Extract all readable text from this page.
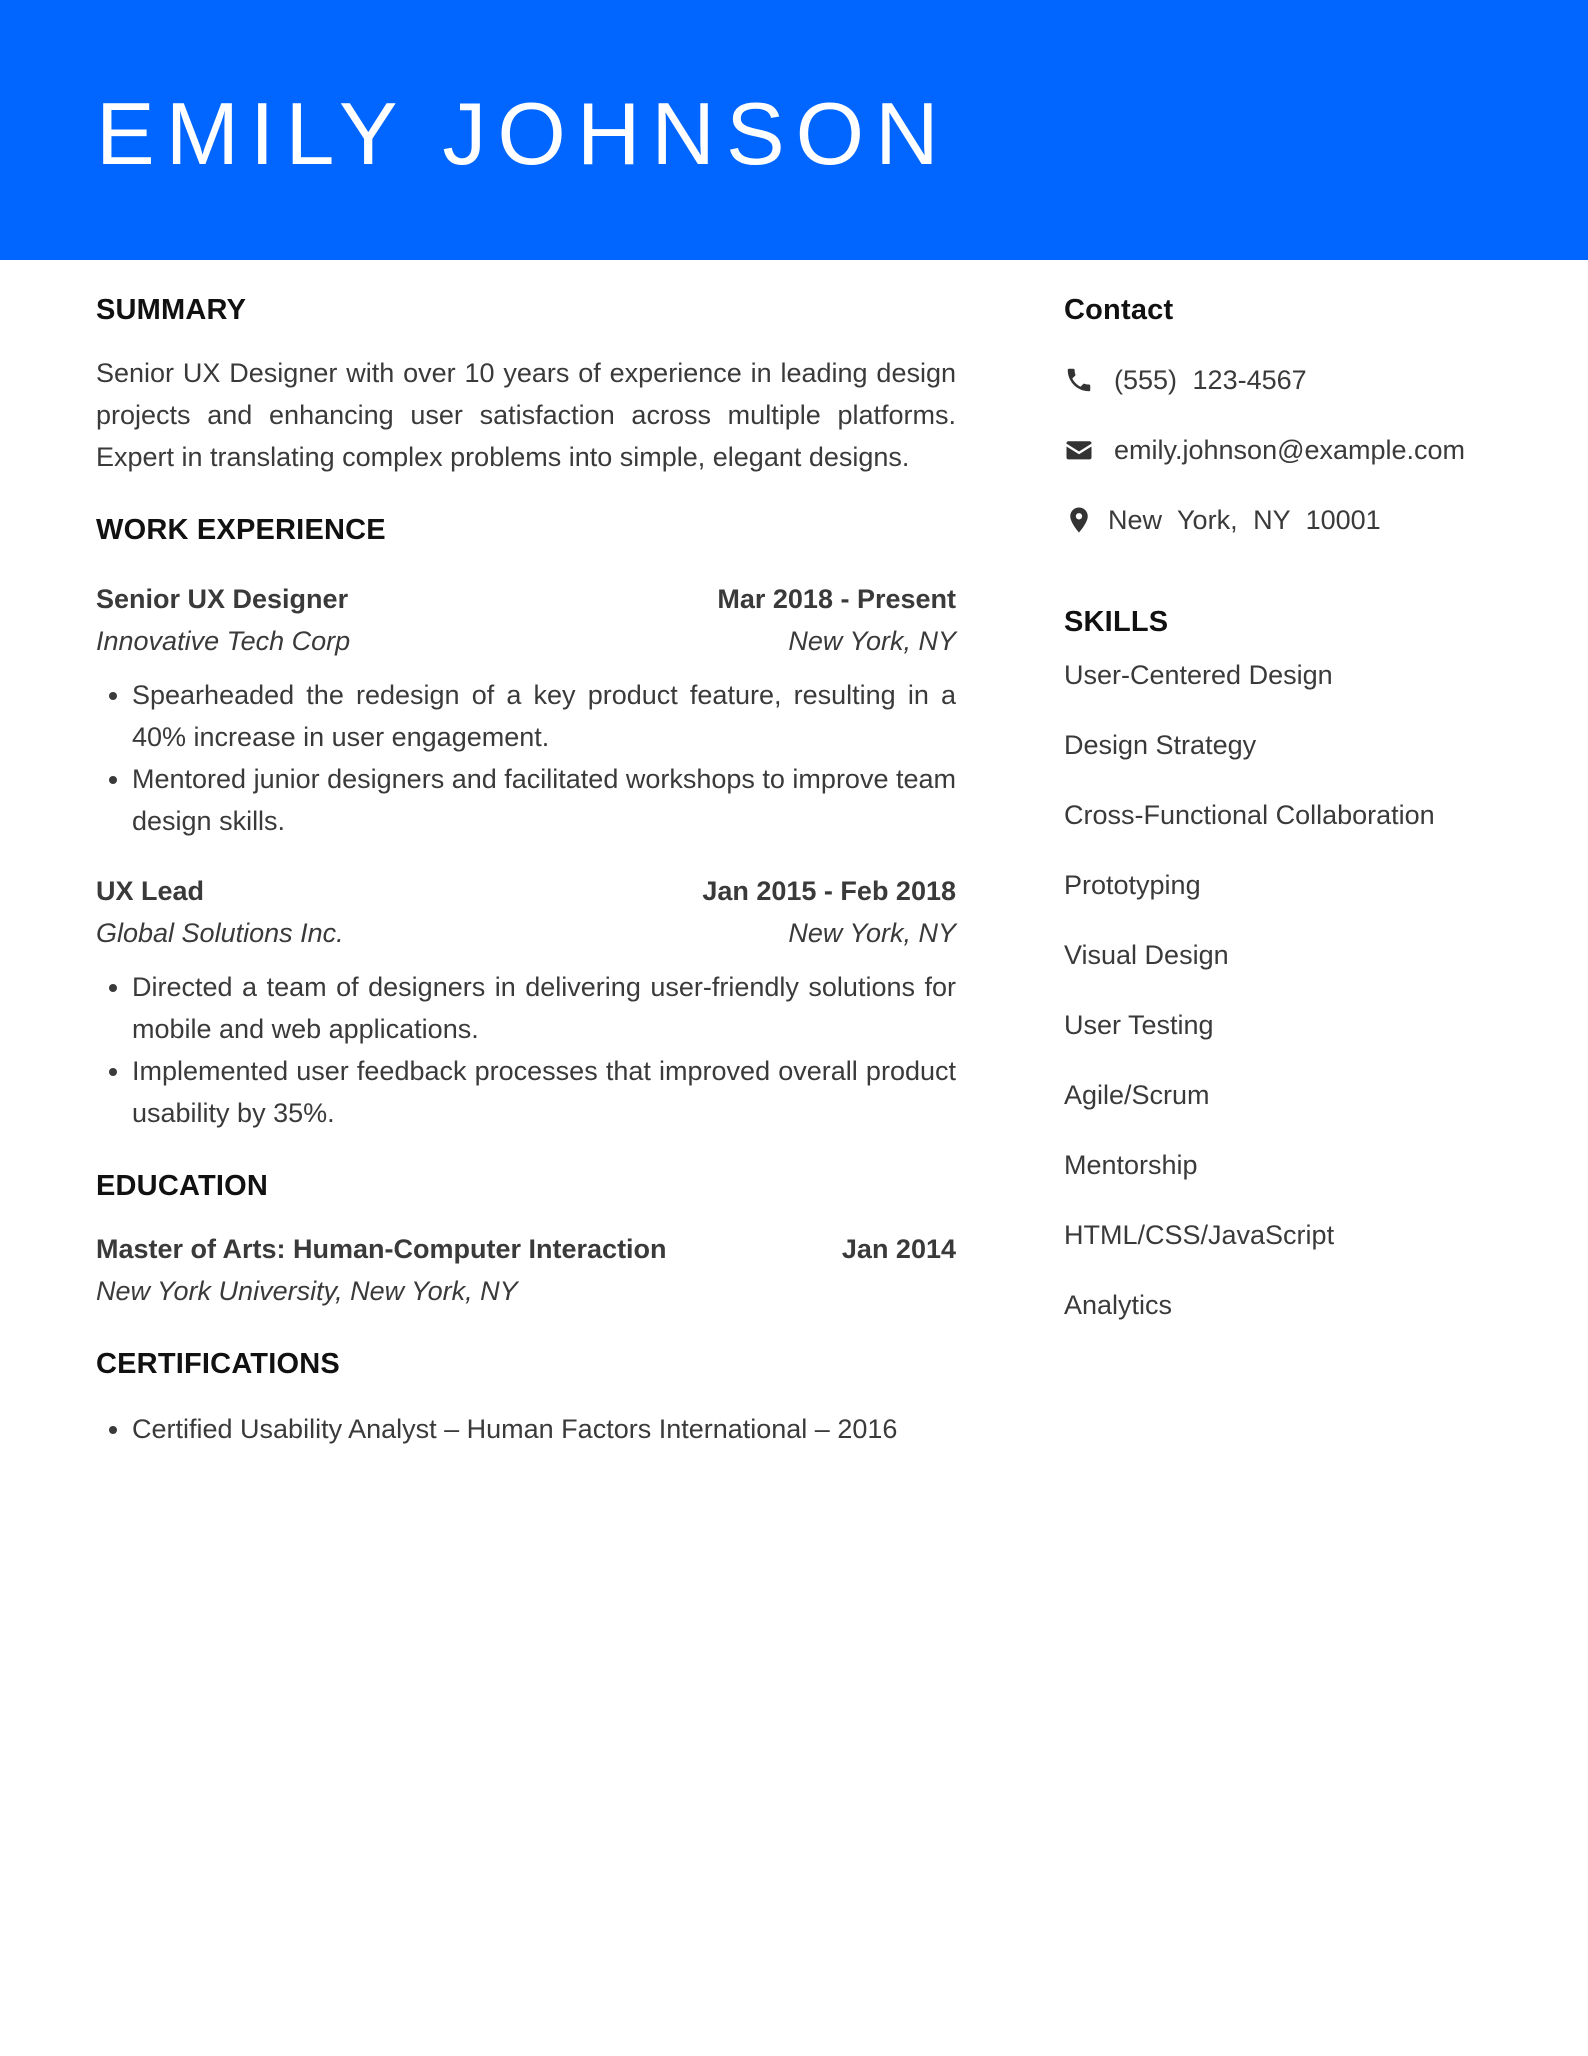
EMILY JOHNSON
SUMMARY

Senior UX Designer with over 10 years of experience in leading design projects and enhancing user satisfaction across multiple platforms. Expert in translating complex problems into simple, elegant designs.

WORK EXPERIENCE
Senior UX Designer	Mar 2018 - Present
Innovative Tech Corp	New York, NY
• Spearheaded the redesign of a key product feature, resulting in a 40% increase in user engagement.
• Mentored junior designers and facilitated workshops to improve team design skills.
UX Lead	Jan 2015 - Feb 2018
Global Solutions Inc.	New York, NY
• Directed a team of designers in delivering user-friendly solutions for mobile and web applications.
• Implemented user feedback processes that improved overall product usability by 35%.
EDUCATION
Master of Arts: Human-Computer Interaction	Jan 2014
New York University, New York, NY
CERTIFICATIONS
• Certified Usability Analyst – Human Factors International – 2016
Contact
(555) 123-4567
emily.johnson@example.com
New York, NY 10001
SKILLS
User-Centered Design
Design Strategy
Cross-Functional Collaboration
Prototyping
Visual Design
User Testing
Agile/Scrum
Mentorship
HTML/CSS/JavaScript
Analytics
